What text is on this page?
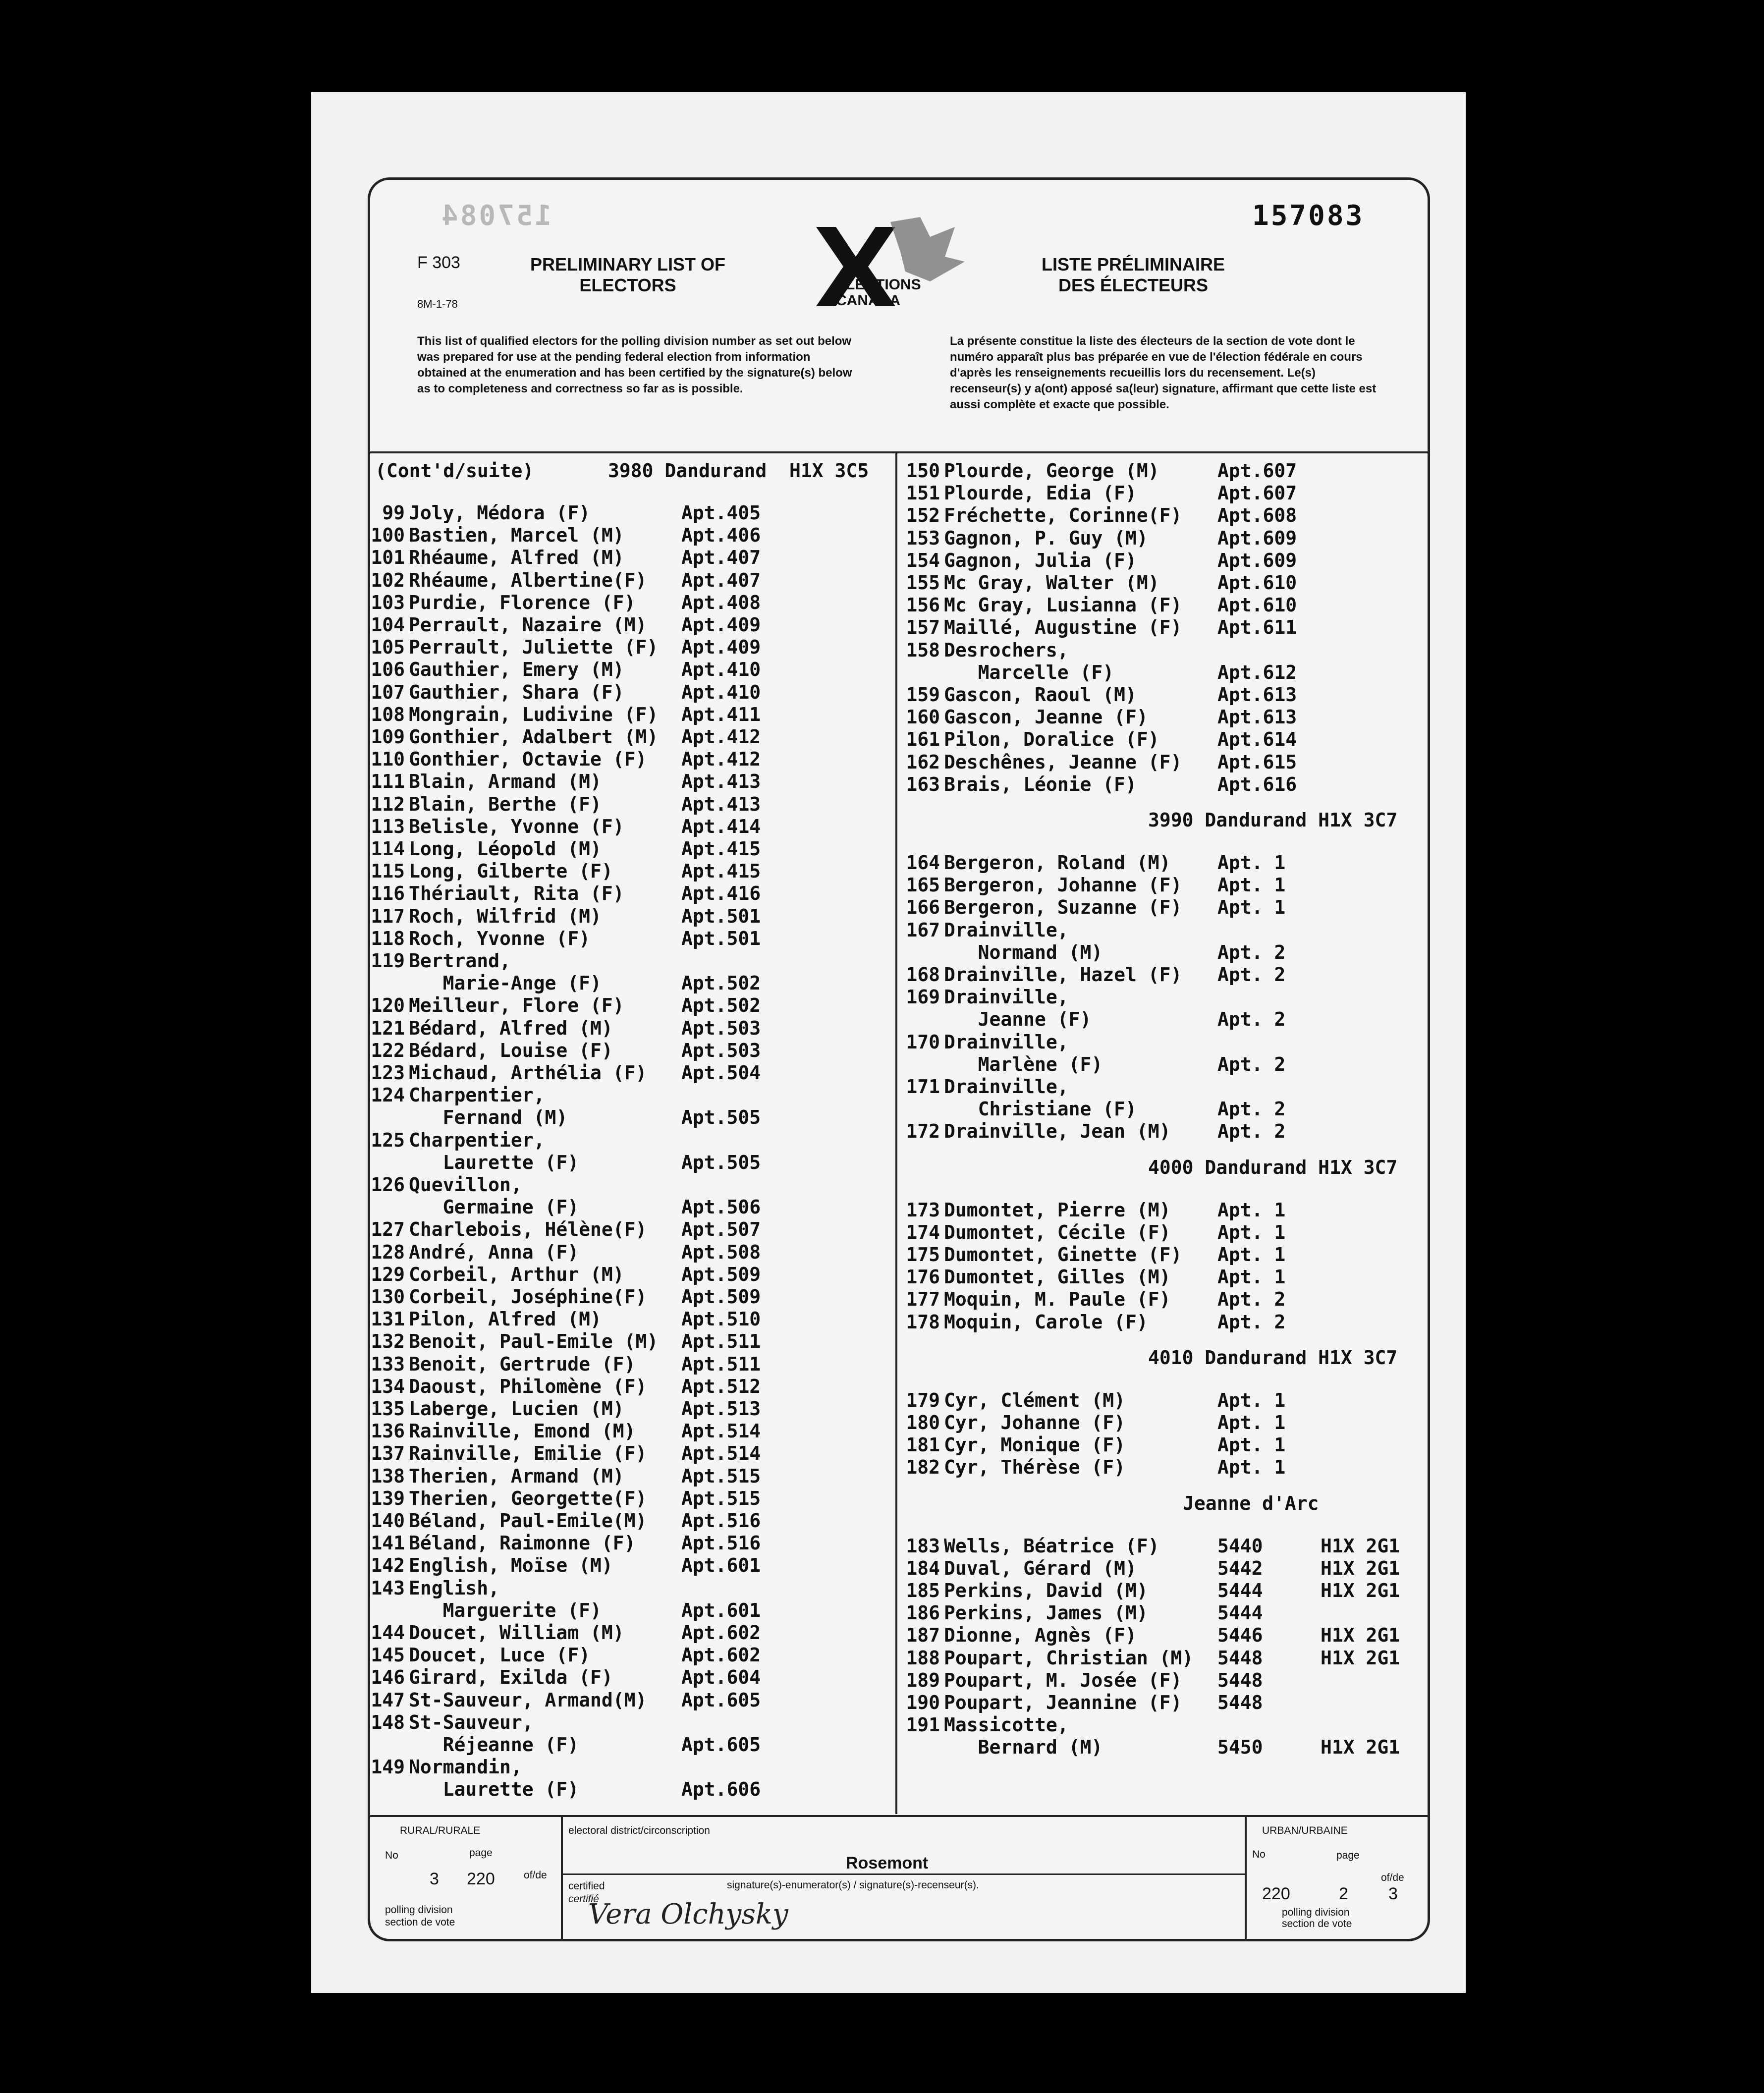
157084	157083
F 303
8M-1-78
PRELIMINARY LIST OF ELECTORS
LISTE PRÉLIMINAIRE DES ÉLECTEURS
ÉLECTIONS
CANADA
This list of qualified electors for the polling division number as set out below was prepared for use at the pending federal election from information obtained at the enumeration and has been certified by the signature(s) below as to completeness and correctness so far as is possible.
La présente constitue la liste des électeurs de la section de vote dont le numéro apparaît plus bas préparée en vue de l'élection fédérale en cours d'après les renseignements recueillis lors du recensement. Le(s) recenseur(s) y a(ont) apposé sa(leur) signature, affirmant que cette liste est aussi complète et exacte que possible.
(Cont'd/suite)	3980 Dandurand  H1X 3C5
99 Joly, Médora (F)	Apt.405
100 Bastien, Marcel (M)	Apt.406
101 Rhéaume, Alfred (M)	Apt.407
102 Rhéaume, Albertine(F) Apt.407
103 Purdie, Florence (F) Apt.408
104 Perrault, Nazaire (M) Apt.409
105 Perrault, Juliette (F) Apt.409
106 Gauthier, Emery (M)	Apt.410
107 Gauthier, Shara (F)	Apt.410
108 Mongrain, Ludivine (F) Apt.411
109 Gonthier, Adalbert (M) Apt.412
110 Gonthier, Octavie (F) Apt.412
111 Blain, Armand (M)	Apt.413
112 Blain, Berthe (F)	Apt.413
113 Belisle, Yvonne (F)	Apt.414
114 Long, Léopold (M)	Apt.415
115 Long, Gilberte (F)	Apt.415
116 Thériault, Rita (F)	Apt.416
117 Roch, Wilfrid (M)	Apt.501
118 Roch, Yvonne (F)	Apt.501
119 Bertrand,
Marie-Ange (F)	Apt.502
120 Meilleur, Flore (F)	Apt.502
121 Bédard, Alfred (M)	Apt.503
122 Bédard, Louise (F)	Apt.503
123 Michaud, Arthélia (F) Apt.504
124 Charpentier,
Fernand (M)	Apt.505
125 Charpentier,
Laurette (F)	Apt.505
126 Quevillon,
Germaine (F)	Apt.506
127 Charlebois, Hélène(F) Apt.507
128 André, Anna (F)	Apt.508
129 Corbeil, Arthur (M)	Apt.509
130 Corbeil, Joséphine(F) Apt.509
131 Pilon, Alfred (M)	Apt.510
132 Benoit, Paul-Emile (M) Apt.511
133 Benoit, Gertrude (F) Apt.511
134 Daoust, Philomène (F) Apt.512
135 Laberge, Lucien (M)	Apt.513
136 Rainville, Emond (M) Apt.514
137 Rainville, Emilie (F) Apt.514
138 Therien, Armand (M)	Apt.515
139 Therien, Georgette(F) Apt.515
140 Béland, Paul-Emile(M) Apt.516
141 Béland, Raimonne (F) Apt.516
142 English, Moïse (M)	Apt.601
143 English,
Marguerite (F)	Apt.601
144 Doucet, William (M)	Apt.602
145 Doucet, Luce (F)	Apt.602
146 Girard, Exilda (F)	Apt.604
147 St-Sauveur, Armand(M) Apt.605
148 St-Sauveur,
Réjeanne (F)	Apt.605
149 Normandin,
Laurette (F)	Apt.606
150 Plourde, George (M)	Apt.607
151 Plourde, Edia (F)	Apt.607
152 Fréchette, Corinne(F) Apt.608
153 Gagnon, P. Guy (M)	Apt.609
154 Gagnon, Julia (F)	Apt.609
155 Mc Gray, Walter (M)	Apt.610
156 Mc Gray, Lusianna (F) Apt.610
157 Maillé, Augustine (F) Apt.611
158 Desrochers,
Marcelle (F)	Apt.612
159 Gascon, Raoul (M)	Apt.613
160 Gascon, Jeanne (F)	Apt.613
161 Pilon, Doralice (F)	Apt.614
162 Deschênes, Jeanne (F) Apt.615
163 Brais, Léonie (F)	Apt.616
3990 Dandurand H1X 3C7
164 Bergeron, Roland (M) Apt. 1
165 Bergeron, Johanne (F) Apt. 1
166 Bergeron, Suzanne (F) Apt. 1
167 Drainville,
Normand (M)	Apt. 2
168 Drainville, Hazel (F) Apt. 2
169 Drainville,
Jeanne (F)	Apt. 2
170 Drainville,
Marlène (F)	Apt. 2
171 Drainville,
Christiane (F)	Apt. 2
172 Drainville, Jean (M) Apt. 2
4000 Dandurand H1X 3C7
173 Dumontet, Pierre (M) Apt. 1
174 Dumontet, Cécile (F) Apt. 1
175 Dumontet, Ginette (F) Apt. 1
176 Dumontet, Gilles (M) Apt. 1
177 Moquin, M. Paule (F) Apt. 2
178 Moquin, Carole (F)	Apt. 2
4010 Dandurand H1X 3C7
179 Cyr, Clément (M)	Apt. 1
180 Cyr, Johanne (F)	Apt. 1
181 Cyr, Monique (F)	Apt. 1
182 Cyr, Thérèse (F)	Apt. 1
Jeanne d'Arc
183 Wells, Béatrice (F)	5440	H1X 2G1
184 Duval, Gérard (M)	5442	H1X 2G1
185 Perkins, David (M)	5444	H1X 2G1
186 Perkins, James (M)	5444
187 Dionne, Agnès (F)	5446	H1X 2G1
188 Poupart, Christian (M) 5448	H1X 2G1
189 Poupart, M. Josée (F) 5448
190 Poupart, Jeannine (F) 5448
191 Massicotte,
Bernard (M)	5450	H1X 2G1
RURAL/RURALE
No	page
3	of/de
220
electoral district/circonscription
Rosemont
certified
certifié
signature(s)-enumerator(s) / signature(s)-recenseur(s).
Vera Olchysky
polling division
section de vote
URBAN/URBAINE
No	page
of/de
220	2 3
polling division
section de vote
